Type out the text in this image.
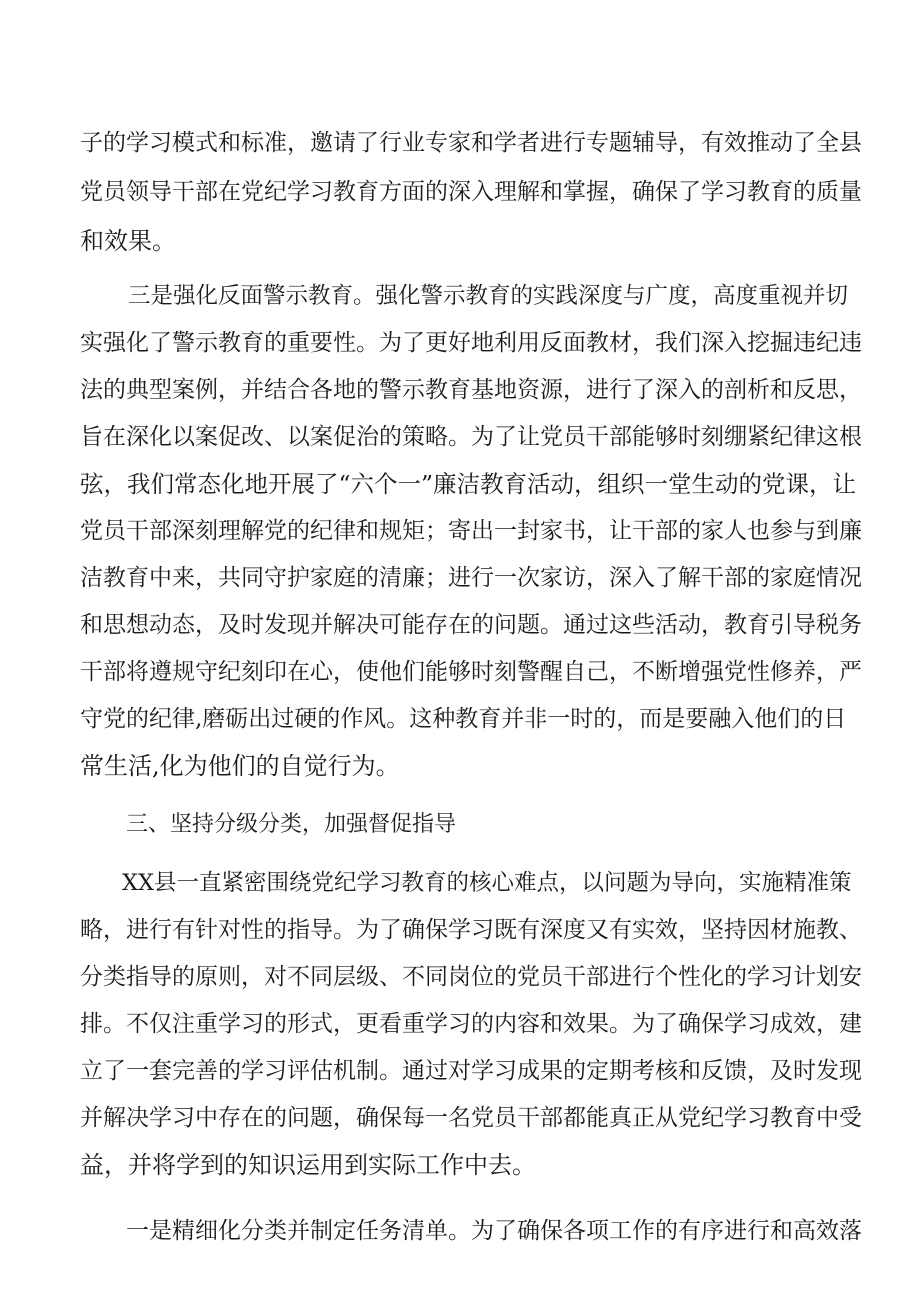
子的学习模式和标准，邀请了行业专家和学者进行专题辅导，有效推动了全县
党员领导干部在党纪学习教育方面的深入理解和掌握，确保了学习教育的质量
和效果。
三是强化反面警示教育。强化警示教育的实践深度与广度，高度重视并切
实强化了警示教育的重要性。为了更好地利用反面教材，我们深入挖掘违纪违
法的典型案例，并结合各地的警示教育基地资源，进行了深入的剖析和反思，
旨在深化以案促改、以案促治的策略。为了让党员干部能够时刻绷紧纪律这根
弦，我们常态化地开展了“六个一”廉洁教育活动，组织一堂生动的党课，让
党员干部深刻理解党的纪律和规矩；寄出一封家书，让干部的家人也参与到廉
洁教育中来，共同守护家庭的清廉；进行一次家访，深入了解干部的家庭情况
和思想动态，及时发现并解决可能存在的问题。通过这些活动，教育引导税务
干部将遵规守纪刻印在心，使他们能够时刻警醒自己，不断增强党性修养，严
守党的纪律,磨砺出过硬的作风。这种教育并非一时的，而是要融入他们的日
常生活,化为他们的自觉行为。
三、坚持分级分类，加强督促指导
XX县一直紧密围绕党纪学习教育的核心难点，以问题为导向，实施精准策
略，进行有针对性的指导。为了确保学习既有深度又有实效，坚持因材施教、
分类指导的原则，对不同层级、不同岗位的党员干部进行个性化的学习计划安
排。不仅注重学习的形式，更看重学习的内容和效果。为了确保学习成效，建
立了一套完善的学习评估机制。通过对学习成果的定期考核和反馈，及时发现
并解决学习中存在的问题，确保每一名党员干部都能真正从党纪学习教育中受
益，并将学到的知识运用到实际工作中去。
一是精细化分类并制定任务清单。为了确保各项工作的有序进行和高效落
